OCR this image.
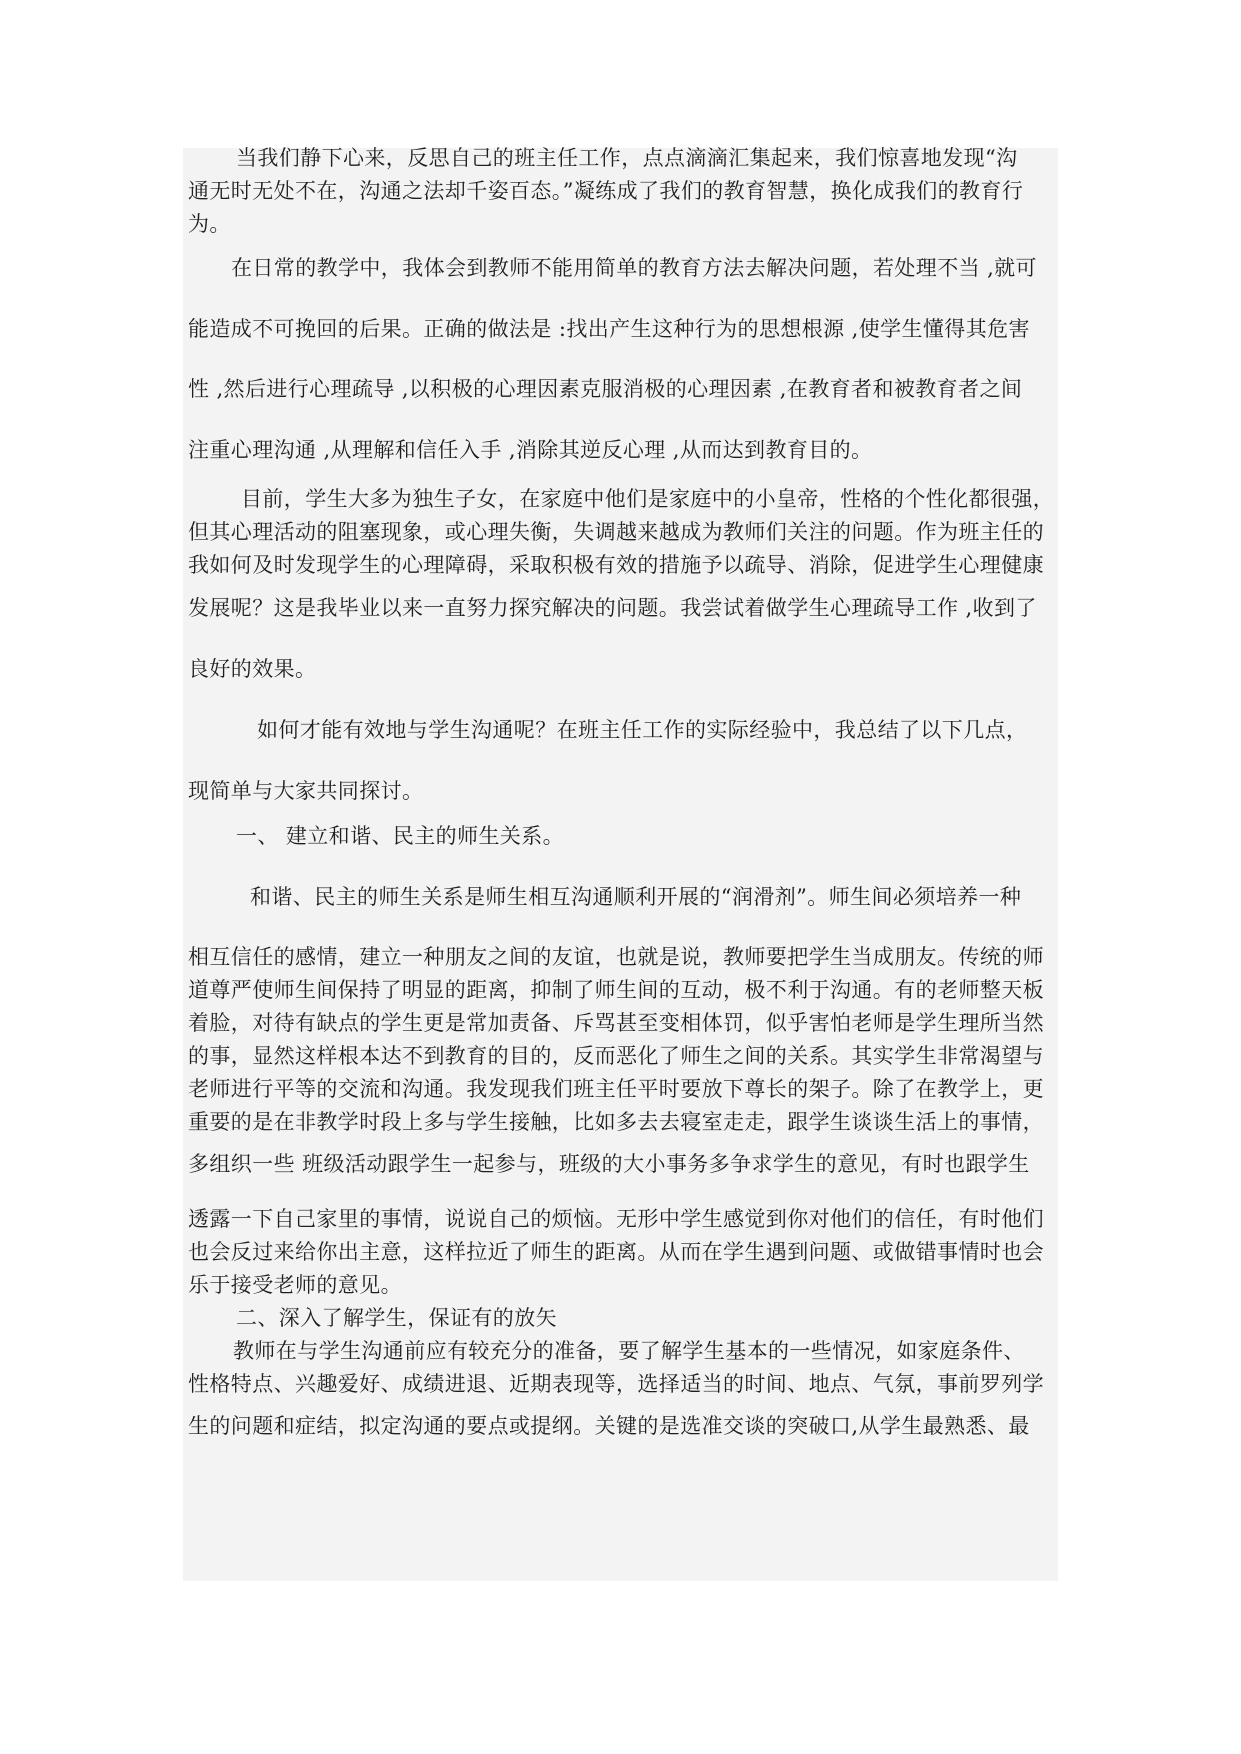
当我们静下心来，反思自己的班主任工作，点点滴滴汇集起来，我们惊喜地发现“沟
通无时无处不在，沟通之法却千姿百态。”凝练成了我们的教育智慧，换化成我们的教育行
为。
在日常的教学中，我体会到教师不能用简单的教育方法去解决问题，若处理不当 ,就可
能造成不可挽回的后果。正确的做法是 :找出产生这种行为的思想根源 ,使学生懂得其危害
性 ,然后进行心理疏导 ,以积极的心理因素克服消极的心理因素 ,在教育者和被教育者之间
注重心理沟通 ,从理解和信任入手 ,消除其逆反心理 ,从而达到教育目的。
目前，学生大多为独生子女，在家庭中他们是家庭中的小皇帝，性格的个性化都很强，
但其心理活动的阻塞现象，或心理失衡，失调越来越成为教师们关注的问题。作为班主任的
我如何及时发现学生的心理障碍，采取积极有效的措施予以疏导、消除，促进学生心理健康
发展呢？这是我毕业以来一直努力探究解决的问题。我尝试着做学生心理疏导工作 ,收到了
良好的效果。
如何才能有效地与学生沟通呢？在班主任工作的实际经验中，我总结了以下几点，
现简单与大家共同探讨。
一、 建立和谐、民主的师生关系。
和谐、民主的师生关系是师生相互沟通顺利开展的“润滑剂”。师生间必须培养一种
相互信任的感情，建立一种朋友之间的友谊，也就是说，教师要把学生当成朋友。传统的师
道尊严使师生间保持了明显的距离，抑制了师生间的互动，极不利于沟通。有的老师整天板
着脸，对待有缺点的学生更是常加责备、斥骂甚至变相体罚，似乎害怕老师是学生理所当然
的事，显然这样根本达不到教育的目的，反而恶化了师生之间的关系。其实学生非常渴望与
老师进行平等的交流和沟通。我发现我们班主任平时要放下尊长的架子。除了在教学上，更
重要的是在非教学时段上多与学生接触，比如多去去寝室走走，跟学生谈谈生活上的事情，
多组织一些 班级活动跟学生一起参与，班级的大小事务多争求学生的意见，有时也跟学生
透露一下自己家里的事情，说说自己的烦恼。无形中学生感觉到你对他们的信任，有时他们
也会反过来给你出主意，这样拉近了师生的距离。从而在学生遇到问题、或做错事情时也会
乐于接受老师的意见。
二、深入了解学生，保证有的放矢
教师在与学生沟通前应有较充分的准备，要了解学生基本的一些情况，如家庭条件、
性格特点、兴趣爱好、成绩进退、近期表现等，选择适当的时间、地点、气氛，事前罗列学
生的问题和症结，拟定沟通的要点或提纲。关键的是选准交谈的突破口,从学生最熟悉、最
